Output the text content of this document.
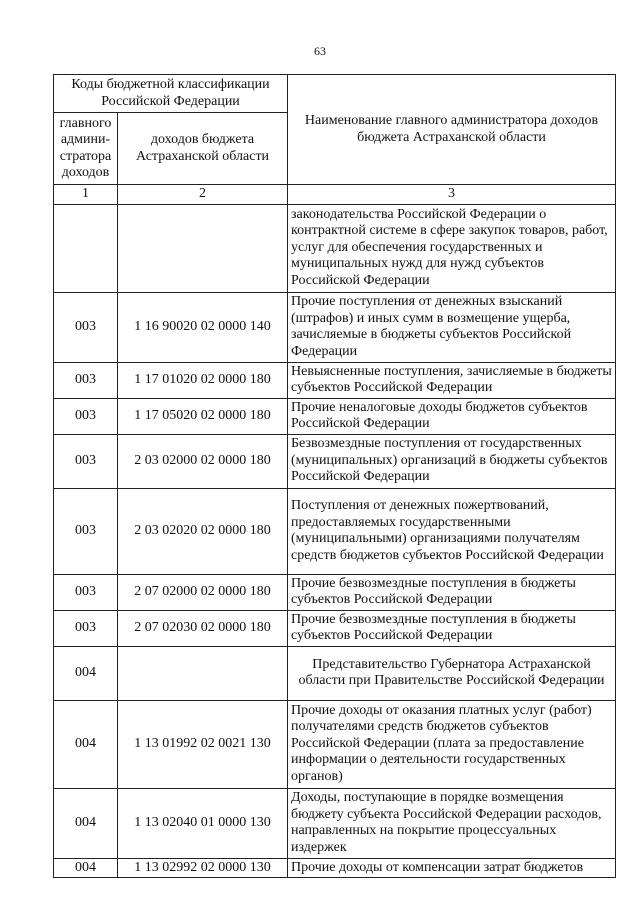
63
Коды бюджетной классификации Российской Федерации		Наименование главного администратора доходов бюджета Астраханской области
главного админи-стратора доходов	доходов бюджета Астраханской области	
1	2	3
		законодательства Российской Федерации о контрактной системе в сфере закупок товаров, работ, услуг для обеспечения государственных и муниципальных нужд для нужд субъектов Российской Федерации
003	1 16 90020 02 0000 140	Прочие поступления от денежных взысканий (штрафов) и иных сумм в возмещение ущерба, зачисляемые в бюджеты субъектов Российской Федерации
003	1 17 01020 02 0000 180	Невыясненные поступления, зачисляемые в бюджеты субъектов Российской Федерации
003	1 17 05020 02 0000 180	Прочие неналоговые доходы бюджетов субъектов Российской Федерации
003	2 03 02000 02 0000 180	Безвозмездные поступления от государственных (муниципальных) организаций в бюджеты субъектов Российской Федерации
003	2 03 02020 02 0000 180	Поступления от денежных пожертвований, предоставляемых государственными (муниципальными) организациями получателям средств бюджетов субъектов Российской Федерации
003	2 07 02000 02 0000 180	Прочие безвозмездные поступления в бюджеты субъектов Российской Федерации
003	2 07 02030 02 0000 180	Прочие безвозмездные поступления в бюджеты субъектов Российской Федерации
004		Представительство Губернатора Астраханской области при Правительстве Российской Федерации
004	1 13 01992 02 0021 130	Прочие доходы от оказания платных услуг (работ) получателями средств бюджетов субъектов Российской Федерации (плата за предоставление информации о деятельности государственных органов)
004	1 13 02040 01 0000 130	Доходы, поступающие в порядке возмещения бюджету субъекта Российской Федерации расходов, направленных на покрытие процессуальных издержек
004	1 13 02992 02 0000 130	Прочие доходы от компенсации затрат бюджетов
